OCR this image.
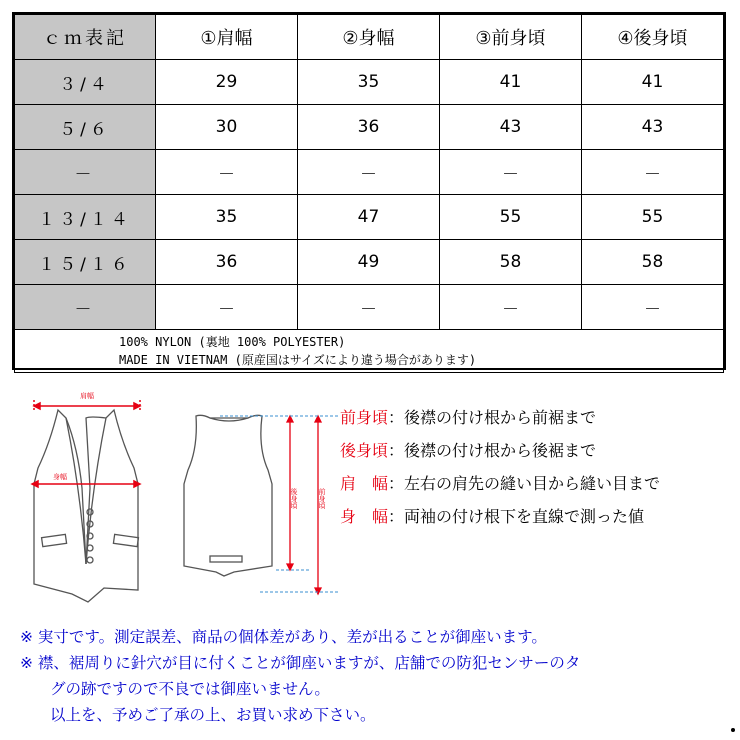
ｃｍ表記	①肩幅	②身幅	③前身頃	④後身頃
３/４	29	35	41	41
５/６	30	36	43	43
－	－	－	－	－
１３/１４	35	47	55	55
１５/１６	36	49	58	58
－	－	－	－	－

100% NYLON (裏地 100% POLYESTER)
MADE IN VIETNAM (原産国はサイズにより違う場合があります)				
肩幅
身幅
後身頃	前身頃
前身頃 ：後襟の付け根から前裾まで
後身頃 ：後襟の付け根から後裾まで
肩　幅 ：左右の肩先の縫い目から縫い目まで
身　幅 ：両袖の付け根下を直線で測った値
※ 実寸です。測定誤差、商品の個体差があり、差が出ることが御座います。
※ 襟、裾周りに針穴が目に付くことが御座いますが、店舗での防犯センサーのタ
グの跡ですので不良では御座いません。
以上を、予めご了承の上、お買い求め下さい。
